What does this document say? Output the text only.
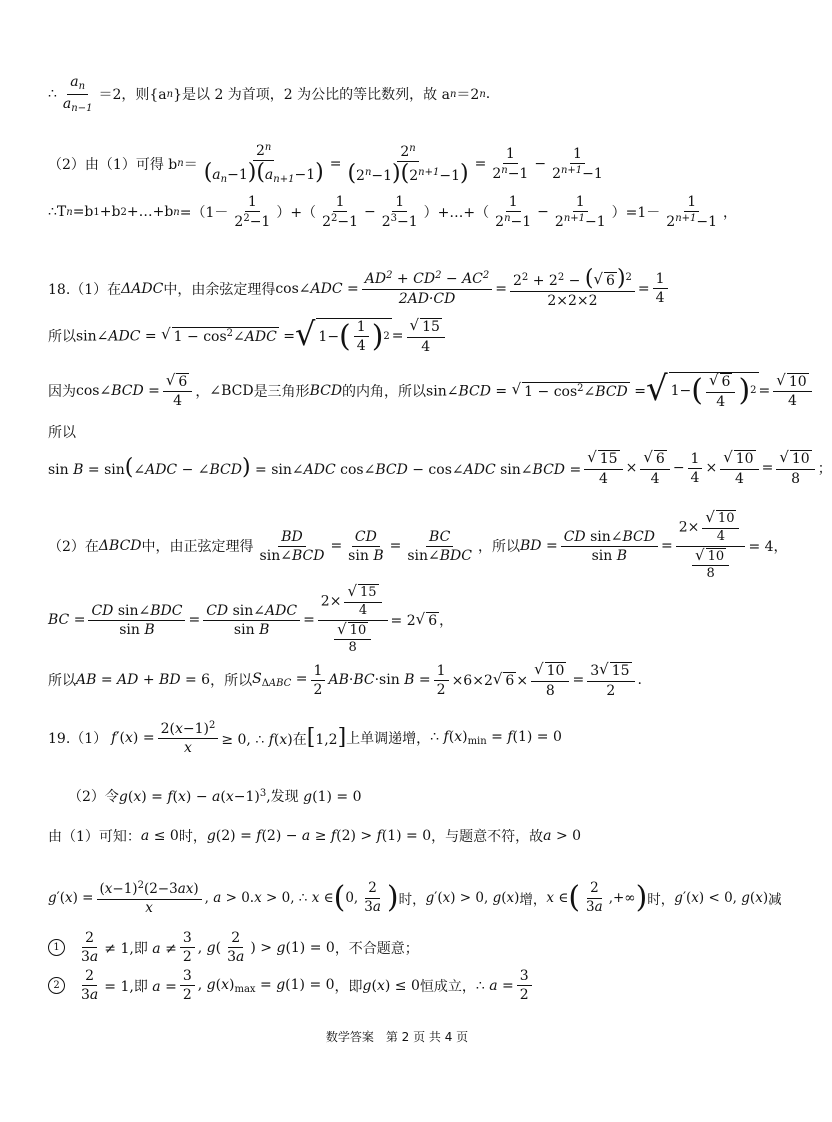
∴ $\frac{a_n}{a_{n-1}} =2$，则{a n }是以 2 为首项，2 为公比的等比数列，故 a n ＝2 n .
（2）由（1）可得 b $n = \frac{2^n}{(a_n-1)(a_{n+1}-1)} = \frac{2^n}{(2^n-1)(2^{n+1}-1)} = \frac{1}{2^n-1} - \frac{1}{2^{n+1}-1}$
∴T n =b 1 +b 2 +…+b $n =(1- \frac{1}{2^2-1}$ ）+（ $\frac{1}{2^2-1} - \frac{1}{2^3-1}$ ）+…+（ $\frac{1}{2^n-1} - \frac{1}{2^{n+1}-1} )=1- \frac{1}{2^{n+1}-1}$ ，
18.（1）在 ΔADC 中，由余弦定理得 cos∠ADC = $\frac{AD^2 + CD^2 - AC^2}{2AD\cdot CD} = \frac{2^2 + 2^2 - ( √ 6 )^2}{2\times 2\times 2} = \frac{1}{4}$
所以 sin∠ADC = √ $1 - \cos^2\angle ADC$ = √ 1− ( $\frac{1}{4}$ ) $2 = \frac{√ 15}{4}$
因为 cos∠BCD = $\frac{√ 6}{4}$ ， ∠BCD 是三角形 BCD 的内角，所以 sin∠BCD = √ $1 - \cos^2\angle BCD$ = √ 1− ( $\frac{√ 6}{4}$ ) $2 = \frac{√ 10}{4}$
所以
sin B = sin(∠ADC − ∠BCD) = sin∠ADC cos∠BCD − cos∠ADC sin∠BCD = $\frac{√ 15}{4} \times \frac{√ 6}{4} - \frac{1}{4} \times \frac{√ 10}{4} = \frac{√ 10}{8}$ ；
（2）在 ΔBCD 中，由正弦定理得 $\frac{BD}{\text{sin∠BCD}} = \frac{CD}{\text{sin B}} = \frac{BC}{\text{sin∠BDC}}$ ，所以 BD = $\frac{\text{CD sin∠BCD}}{\text{sin B}} = \frac{2\times \frac{√ 10}{4}}{\frac{√ 10}{8}} = 4$，
BC = $\frac{\text{CD sin∠BDC}}{\text{sin B}} = \frac{\text{CD sin∠ADC}}{\text{sin B}} = \frac{2\times \frac{√ 15}{4}}{\frac{√ 10}{8}} = 2$ √ 6 ，
所以 AB = AD + BD = 6 ，所以 $S_{\Delta ABC} = \frac{1}{2} AB\cdot BC\cdot\sin$ $B = \frac{1}{2} \times 6\times 2$ √ $6 \times \frac{√ 10}{8} = \frac{3 √ 15}{2}$ .
19.（1） $f'(x) = \frac{2(x-1)^2}{x} \ge 0$, ∴ f(x)在[1,2] 上单调递增， ∴ $f(x)_{min} = f(1) = 0$
（2）令 $g(x) = f(x) - a(x-1)^3$,发现 g(1) = 0
由（1）可知： a ≤ 0 时， g(2) = f(2) − a ≥ f(2) > f(1) = 0 ，与题意不符，故 a > 0
$g'(x) = \frac{(x-1)^2(2-3ax)}{x}$ , a > 0.x > 0, ∴ x ∈ ( 0, $\frac{2}{3a}$ ) 时， g′(x) > 0, g(x) 增， x ∈ ( $\frac{2}{3a}$ ,+∞ ) 时， g′(x) < 0, g(x) 减
1	$\frac{2}{3a} \ne 1$,即 $a \ne \frac{3}{2}$ , $g( \frac{2}{3a}$ ) > g(1) = 0 ，不合题意；
2	$\frac{2}{3a} = 1$,即 $a = \frac{3}{2}$ , $g(x)_{max} = g(1) = 0$ ，即 g(x) ≤ 0 恒成立， ∴ $a = \frac{3}{2}$
数学答案　第 2 页 共 4 页
